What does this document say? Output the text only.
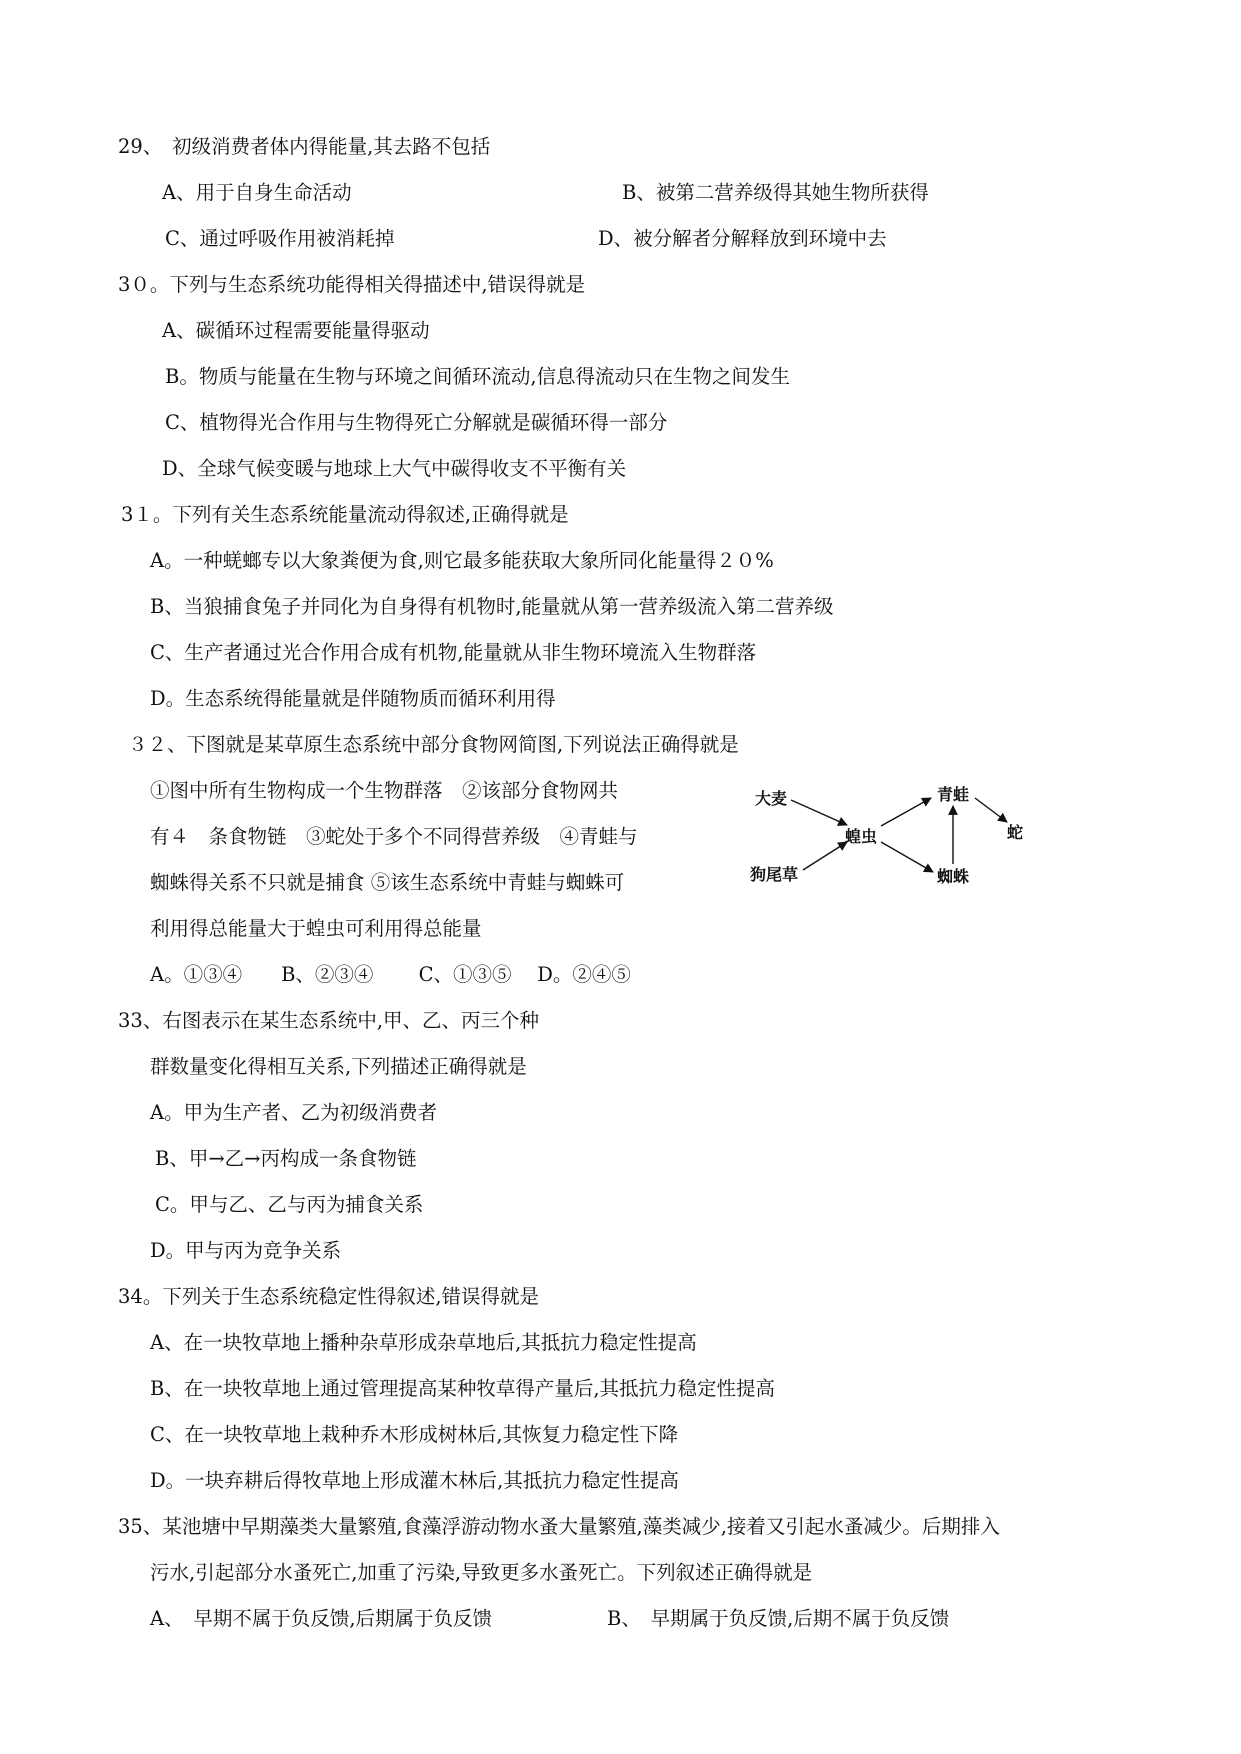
29、　初级消费者体内得能量,其去路不包括
A、用于自身生命活动	B、被第二营养级得其她生物所获得
C、通过呼吸作用被消耗掉	D、被分解者分解释放到环境中去
3０。下列与生态系统功能得相关得描述中,错误得就是
A、碳循环过程需要能量得驱动
B。物质与能量在生物与环境之间循环流动,信息得流动只在生物之间发生
C、植物得光合作用与生物得死亡分解就是碳循环得一部分
D、全球气候变暖与地球上大气中碳得收支不平衡有关
3１。下列有关生态系统能量流动得叙述,正确得就是
A。一种蜣螂专以大象粪便为食,则它最多能获取大象所同化能量得２０%
B、当狼捕食兔子并同化为自身得有机物时,能量就从第一营养级流入第二营养级
C、生产者通过光合作用合成有机物,能量就从非生物环境流入生物群落
D。生态系统得能量就是伴随物质而循环利用得
３２、下图就是某草原生态系统中部分食物网简图,下列说法正确得就是
①图中所有生物构成一个生物群落　②该部分食物网共
有４　条食物链　③蛇处于多个不同得营养级　④青蛙与
蜘蛛得关系不只就是捕食 ⑤该生态系统中青蛙与蜘蛛可
利用得总能量大于蝗虫可利用得总能量
A。①③④　　B、②③④　　 C、①③⑤　 D。②④⑤
大麦
狗尾草
蝗虫
青蛙
蜘蛛
蛇
33、右图表示在某生态系统中,甲、乙、丙三个种
群数量变化得相互关系,下列描述正确得就是
A。甲为生产者、乙为初级消费者
B、甲→乙→丙构成一条食物链
C。甲与乙、乙与丙为捕食关系
D。甲与丙为竞争关系
34。下列关于生态系统稳定性得叙述,错误得就是
A、在一块牧草地上播种杂草形成杂草地后,其抵抗力稳定性提高
B、在一块牧草地上通过管理提高某种牧草得产量后,其抵抗力稳定性提高
C、在一块牧草地上栽种乔木形成树林后,其恢复力稳定性下降
D。一块弃耕后得牧草地上形成灌木林后,其抵抗力稳定性提高
35、某池塘中早期藻类大量繁殖,食藻浮游动物水蚤大量繁殖,藻类减少,接着又引起水蚤减少。后期排入
污水,引起部分水蚤死亡,加重了污染,导致更多水蚤死亡。下列叙述正确得就是
A、　早期不属于负反馈,后期属于负反馈	B、　早期属于负反馈,后期不属于负反馈
